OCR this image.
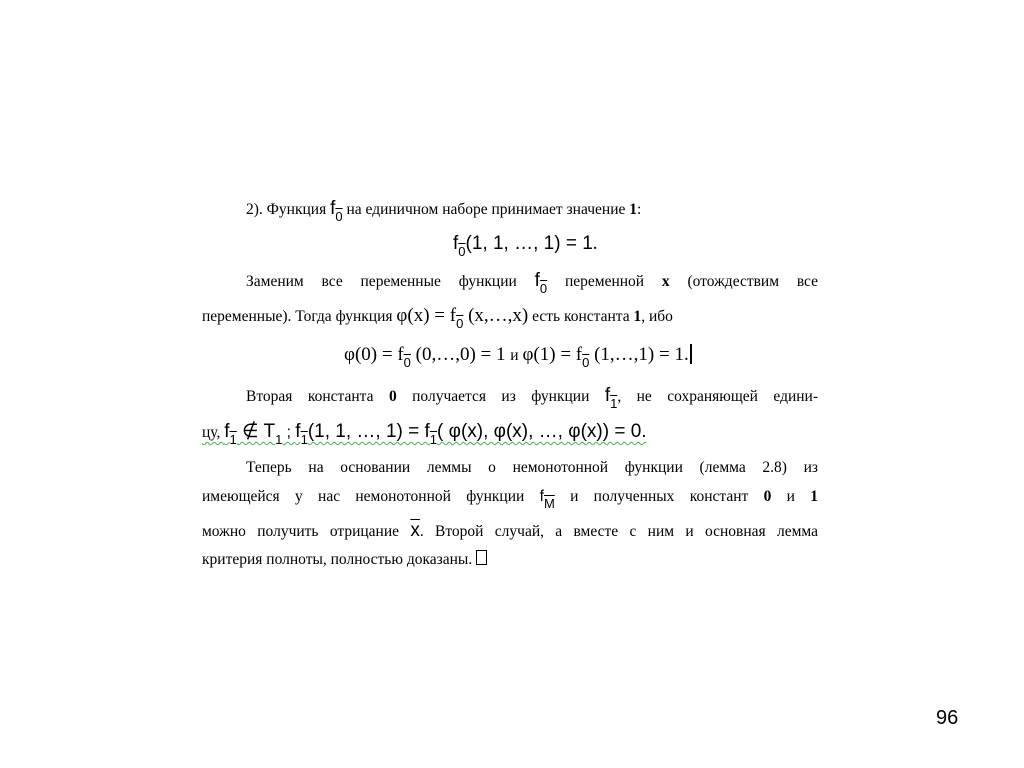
2). Функция $f_0$ на единичном наборе принимает значение 1:
$f_0(1$, 1, …, 1) = 1.
Заменим все переменные функции $f_0$ переменной x (отождествим все
переменные). Тогда функция $\varphi(x) = f_0$ (x,…,x) есть константа 1, ибо
$\varphi(0) = f_0$ (0,…,0) = 1 и $\varphi(1) = f_0$ (1,…,1) = 1.
Вторая константа 0 получается из функции $f_1$, не сохраняющей едини-
цу, $f_1$ ∉ $T_1$ ; $f_1(1$, 1, …, $1) = f_1$( φ(x), φ(x), …, φ(x)) = 0.
Теперь на основании леммы о немонотонной функции (лемма 2.8) из
имеющейся у нас немонотонной функции $f_{\overline{M}}$ и полученных констант 0 и 1
можно получить отрицание $\overline{x}$. Второй случай, а вместе с ним и основная лемма
критерия полноты, полностью доказаны.
96
